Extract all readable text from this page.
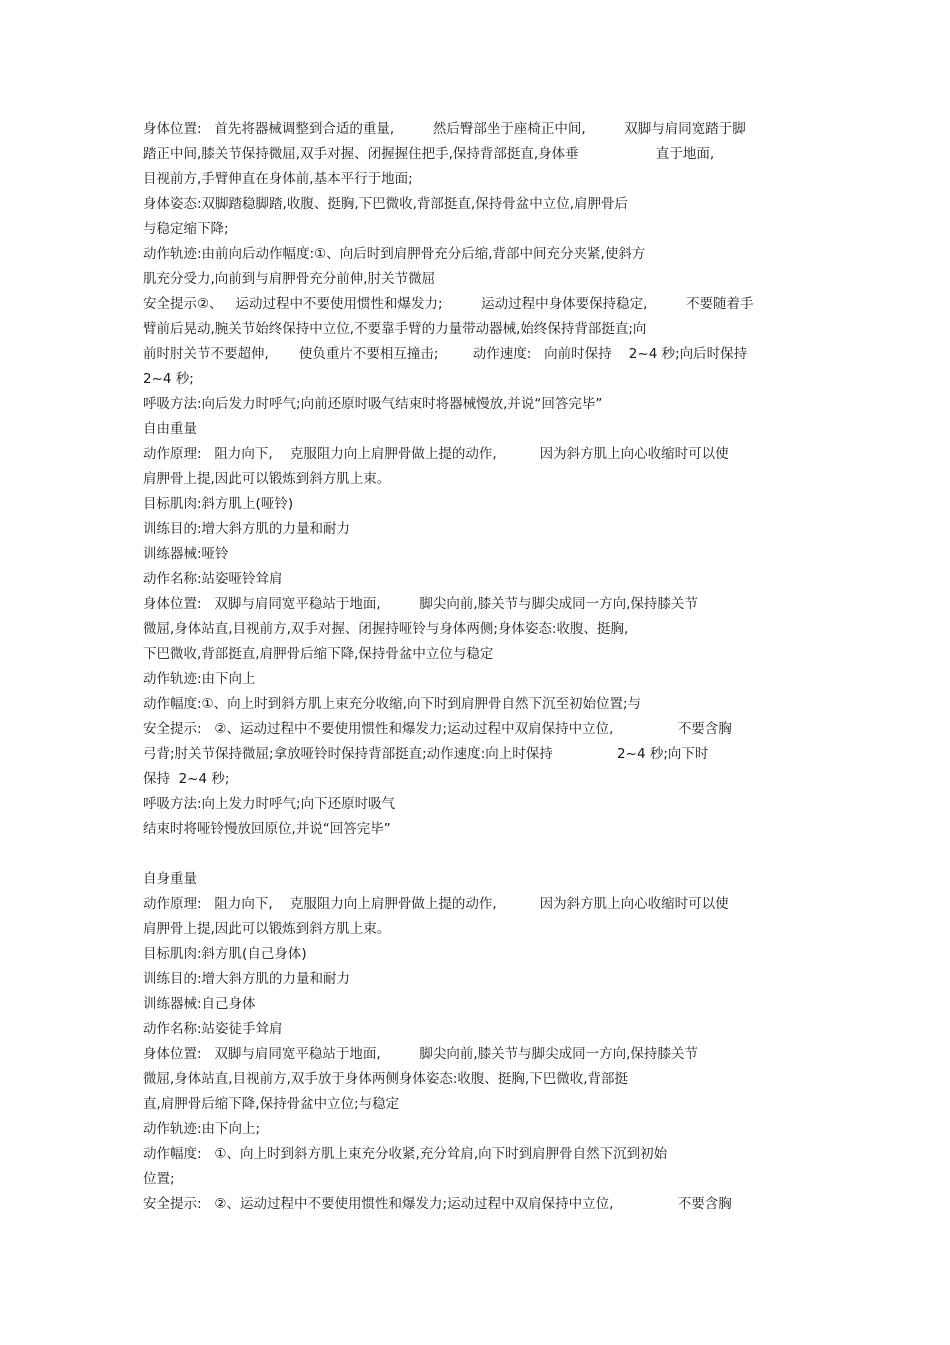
身体位置:   首先将器械调整到合适的重量,         然后臀部坐于座椅正中间,         双脚与肩同宽踏于脚
踏正中间,膝关节保持微屈,双手对握、闭握握住把手,保持背部挺直,身体垂                  直于地面,
目视前方,手臂伸直在身体前,基本平行于地面;
身体姿态:双脚踏稳脚踏,收腹、挺胸,下巴微收,背部挺直,保持骨盆中立位,肩胛骨后
与稳定缩下降;
动作轨迹:由前向后动作幅度:①、向后时到肩胛骨充分后缩,背部中间充分夹紧,使斜方
肌充分受力,向前到与肩胛骨充分前伸,肘关节微屈
安全提示②、   运动过程中不要使用惯性和爆发力;         运动过程中身体要保持稳定,         不要随着手
臂前后晃动,腕关节始终保持中立位,不要靠手臂的力量带动器械,始终保持背部挺直;向
前时肘关节不要超伸,       使负重片不要相互撞击;        动作速度:   向前时保持    2~4 秒;向后时保持
2~4 秒;
呼吸方法:向后发力时呼气;向前还原时吸气结束时将器械慢放,并说“回答完毕”
自由重量
动作原理:   阻力向下,    克服阻力向上肩胛骨做上提的动作,          因为斜方肌上向心收缩时可以使
肩胛骨上提,因此可以锻炼到斜方肌上束。
目标肌肉:斜方肌上(哑铃)
训练目的:增大斜方肌的力量和耐力
训练器械:哑铃
动作名称:站姿哑铃耸肩
身体位置:   双脚与肩同宽平稳站于地面,         脚尖向前,膝关节与脚尖成同一方向,保持膝关节
微屈,身体站直,目视前方,双手对握、闭握持哑铃与身体两侧;身体姿态:收腹、挺胸,
下巴微收,背部挺直,肩胛骨后缩下降,保持骨盆中立位与稳定
动作轨迹:由下向上
动作幅度:①、向上时到斜方肌上束充分收缩,向下时到肩胛骨自然下沉至初始位置;与
安全提示:   ②、运动过程中不要使用惯性和爆发力;运动过程中双肩保持中立位,               不要含胸
弓背;肘关节保持微屈;拿放哑铃时保持背部挺直;动作速度:向上时保持               2~4 秒;向下时
保持  2~4 秒;
呼吸方法:向上发力时呼气;向下还原时吸气
结束时将哑铃慢放回原位,并说“回答完毕”
自身重量
动作原理:   阻力向下,    克服阻力向上肩胛骨做上提的动作,          因为斜方肌上向心收缩时可以使
肩胛骨上提,因此可以锻炼到斜方肌上束。
目标肌肉:斜方肌(自己身体)
训练目的:增大斜方肌的力量和耐力
训练器械:自己身体
动作名称:站姿徒手耸肩
身体位置:   双脚与肩同宽平稳站于地面,         脚尖向前,膝关节与脚尖成同一方向,保持膝关节
微屈,身体站直,目视前方,双手放于身体两侧身体姿态:收腹、挺胸,下巴微收,背部挺
直,肩胛骨后缩下降,保持骨盆中立位;与稳定
动作轨迹:由下向上;
动作幅度:   ①、向上时到斜方肌上束充分收紧,充分耸肩,向下时到肩胛骨自然下沉到初始
位置;
安全提示:   ②、运动过程中不要使用惯性和爆发力;运动过程中双肩保持中立位,               不要含胸
